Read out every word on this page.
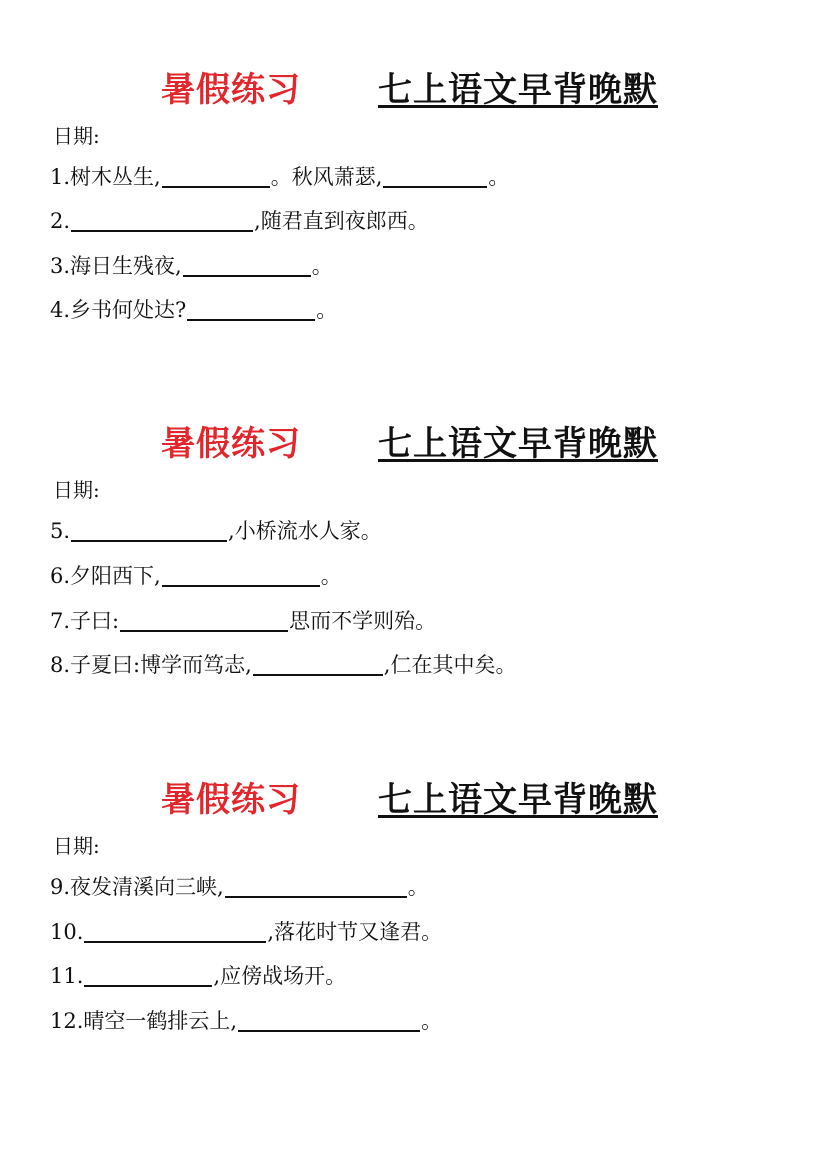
暑假练习 七上语文早背晚默
日期:
1.树木丛生,	。秋风萧瑟,	。
2.	,随君直到夜郎西。
3.海日生残夜,	。
4.乡书何处达?	。
暑假练习 七上语文早背晚默
日期:
5.	,小桥流水人家。
6.夕阳西下,	。
7.子曰:	思而不学则殆。
8.子夏曰:博学而笃志,	,仁在其中矣。
暑假练习 七上语文早背晚默
日期:
9.夜发清溪向三峡,	。
10.	,落花时节又逢君。
11.	,应傍战场开。
12.晴空一鹤排云上,	。
